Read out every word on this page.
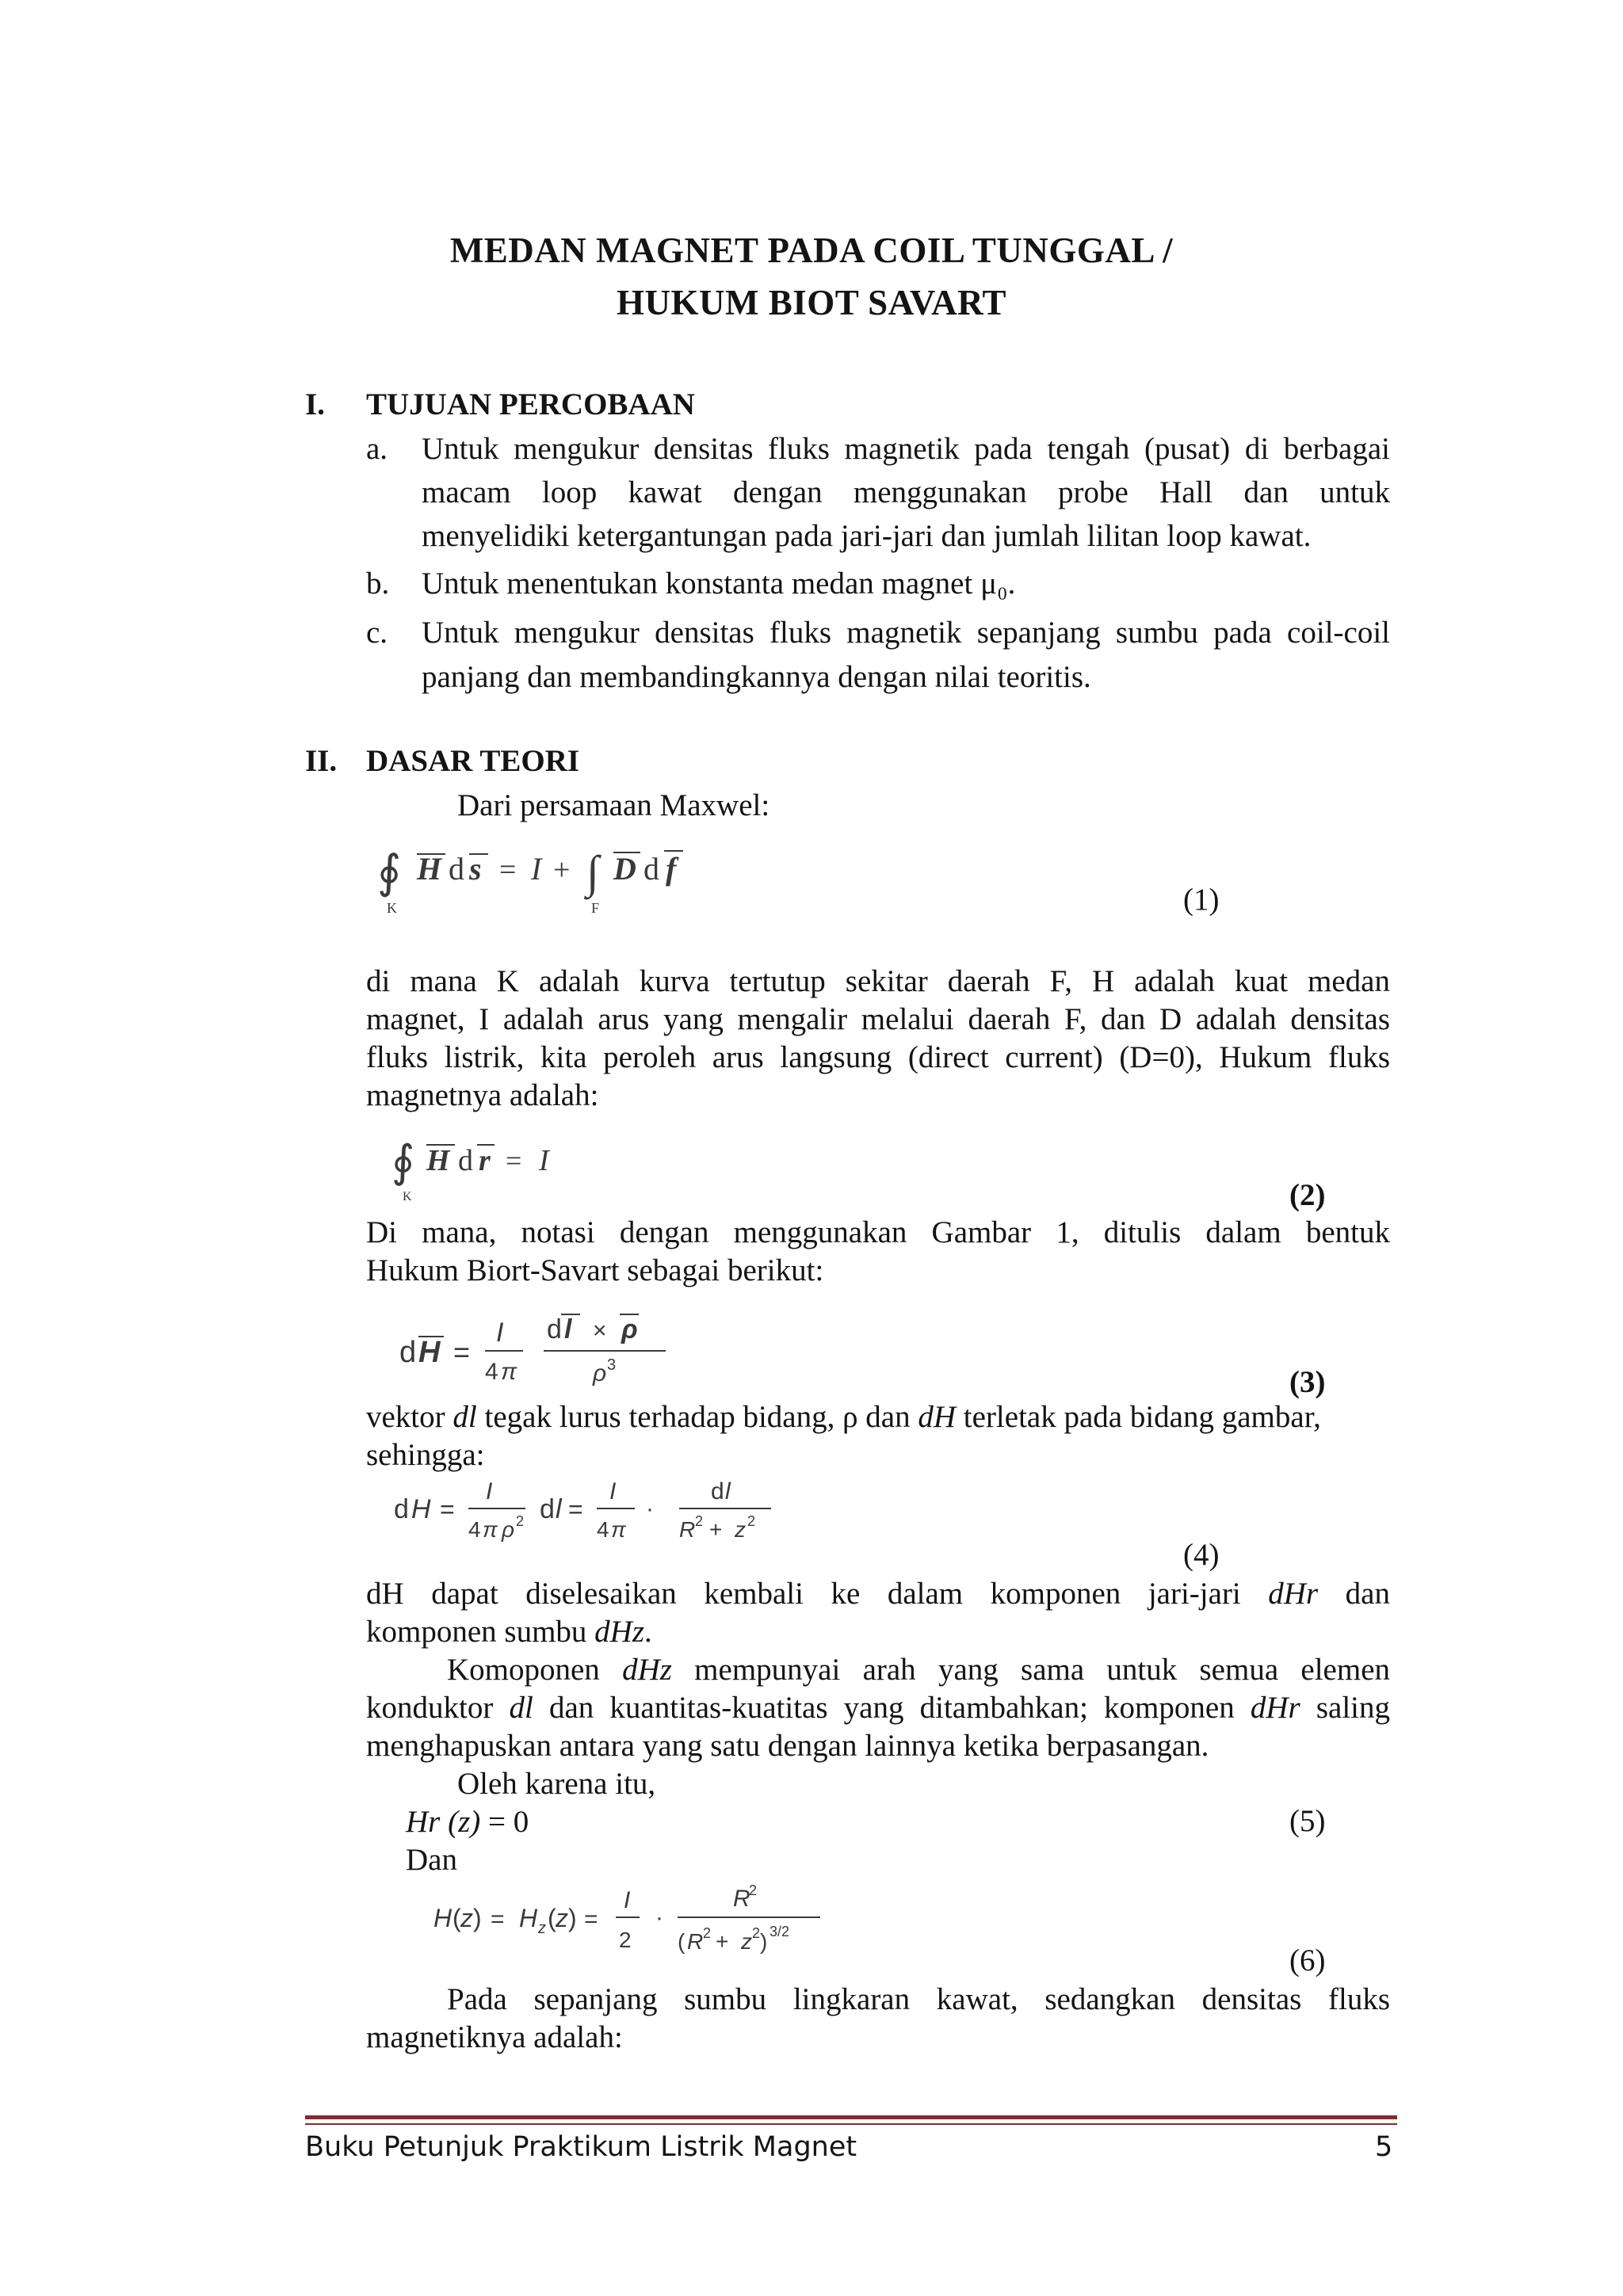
MEDAN MAGNET PADA COIL TUNGGAL /
HUKUM BIOT SAVART
I. TUJUAN PERCOBAAN
a. Untuk mengukur densitas fluks magnetik pada tengah (pusat) di berbagai
macam loop kawat dengan menggunakan probe Hall dan untuk
menyelidiki ketergantungan pada jari-jari dan jumlah lilitan loop kawat.
b. Untuk menentukan konstanta medan magnet μ₀.
c. Untuk mengukur densitas fluks magnetik sepanjang sumbu pada coil-coil
panjang dan membandingkannya dengan nilai teoritis.
II. DASAR TEORI
Dari persamaan Maxwel:
∮
K
H d s = I + ∫
F
D d f
(1)
di mana K adalah kurva tertutup sekitar daerah F, H adalah kuat medan
magnet, I adalah arus yang mengalir melalui daerah F, dan D adalah densitas
fluks listrik, kita peroleh arus langsung (direct current) (D=0), Hukum fluks
magnetnya adalah:
∮
K
H d r = I
(2)
Di mana, notasi dengan menggunakan Gambar 1, ditulis dalam bentuk
Hukum Biort-Savart sebagai berikut:
d H =
I
4 π
d l × ρ
ρ 3	(3)
vektor dl tegak lurus terhadap bidang, ρ dan dH terletak pada bidang gambar,
sehingga:
d H =
I
4 π ρ 2 d l =
I
4 π
·
d l
R 2 + z 2
(4)
dH dapat diselesaikan kembali ke dalam komponen jari-jari dHr dan
komponen sumbu dHz.
Komoponen dHz mempunyai arah yang sama untuk semua elemen
konduktor dl dan kuantitas-kuatitas yang ditambahkan; komponen dHr saling
menghapuskan antara yang satu dengan lainnya ketika berpasangan.
Oleh karena itu,
Hr (z) = 0	(5)
Dan
H ( z ) = H z ( z ) =
I
2
·
R
2
( R 2 + z 2 ) 3/2
(6)
Pada sepanjang sumbu lingkaran kawat, sedangkan densitas fluks
magnetiknya adalah:
Buku Petunjuk Praktikum Listrik Magnet	5
